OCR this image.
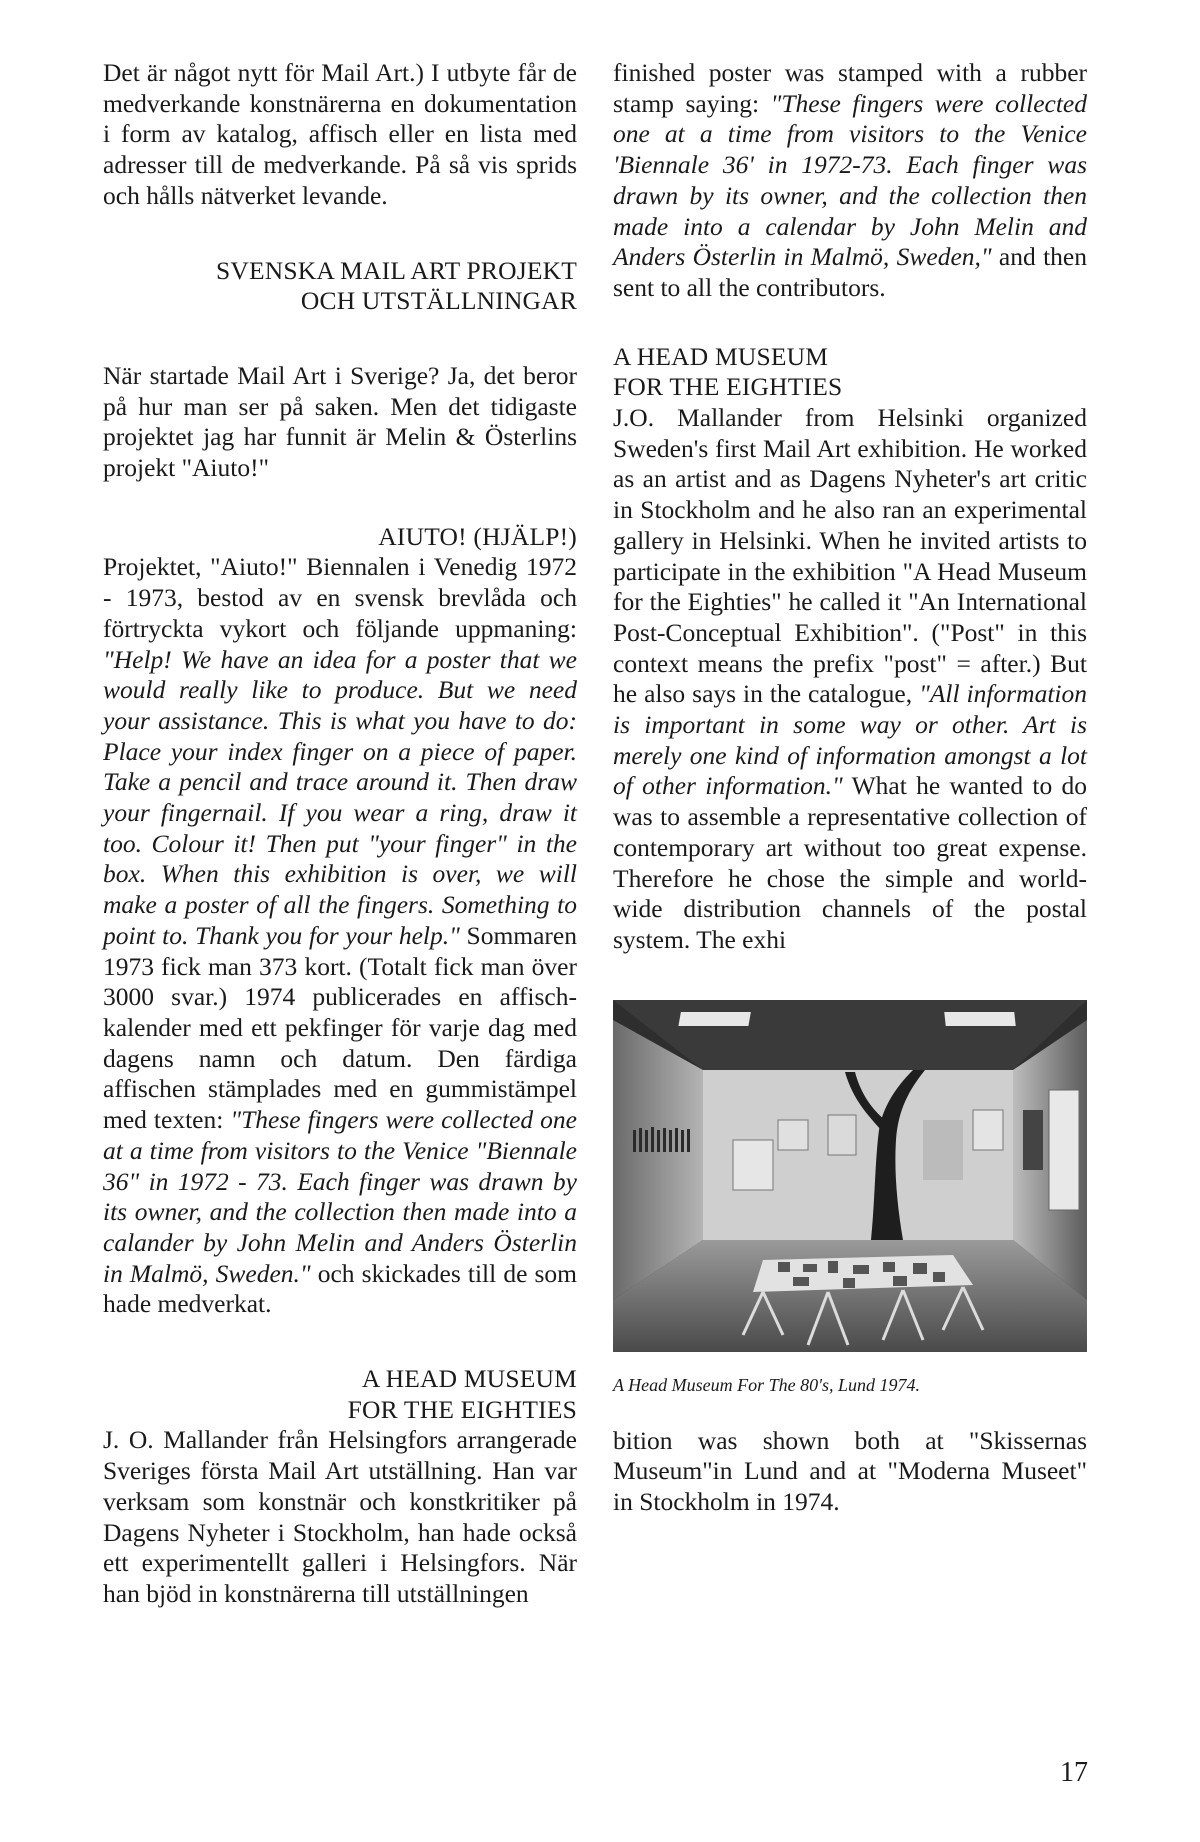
Det är något nytt för Mail Art.) I utbyte får de medverkande konstnärerna en dokumentation i form av katalog, affisch eller en lista med adresser till de medverkande. På så vis sprids och hålls nätverket levande.

SVENSKA MAIL ART PROJEKT
OCH UTSTÄLLNINGAR

När startade Mail Art i Sverige? Ja, det beror på hur man ser på saken. Men det tidigaste projektet jag har funnit är Melin & Österlins projekt "Aiuto!"

AIUTO! (HJÄLP!)

Projektet, "Aiuto!" Biennalen i Venedig 1972 - 1973, bestod av en svensk brevlåda och förtryckta vykort och följande uppmaning: "Help! We have an idea for a poster that we would really like to produce. But we need your assistance. This is what you have to do: Place your index finger on a piece of paper. Take a pencil and trace around it. Then draw your fingernail. If you wear a ring, draw it too. Colour it! Then put "your finger" in the box. When this exhibition is over, we will make a poster of all the fingers. Something to point to. Thank you for your help." Sommaren 1973 fick man 373 kort. (Totalt fick man över 3000 svar.) 1974 publicerades en affischkalender med ett pekfinger för varje dag med dagens namn och datum. Den färdiga affischen stämplades med en gummistämpel med texten: "These fingers were collected one at a time from visitors to the Venice "Biennale 36" in 1972 - 73. Each finger was drawn by its owner, and the collection then made into a calander by John Melin and Anders Österlin in Malmö, Sweden." och skickades till de som hade medverkat.

A HEAD MUSEUM
FOR THE EIGHTIES

J. O. Mallander från Helsingfors arrangerade Sveriges första Mail Art utställning. Han var verksam som konstnär och konstkritiker på Dagens Nyheter i Stockholm, han hade också ett experimentellt galleri i Helsingfors. När han bjöd in konstnärerna till utställningen

finished poster was stamped with a rubber stamp saying: "These fingers were collected one at a time from visitors to the Venice 'Biennale 36' in 1972-73. Each finger was drawn by its owner, and the collection then made into a calendar by John Melin and Anders Österlin in Malmö, Sweden," and then sent to all the contributors.

A HEAD MUSEUM
FOR THE EIGHTIES

J.O. Mallander from Helsinki organized Sweden's first Mail Art exhibition. He worked as an artist and as Dagens Nyheter's art critic in Stockholm and he also ran an experimental gallery in Helsinki. When he invited artists to participate in the exhibition "A Head Museum for the Eighties" he called it "An International Post-Conceptual Exhibition". ("Post" in this context means the prefix "post" = after.) But he also says in the catalogue, "All information is important in some way or other. Art is merely one kind of information amongst a lot of other information." What he wanted to do was to assemble a representative collection of contemporary art without too great expense. Therefore he chose the simple and world-wide distribution channels of the postal system. The exhi

A Head Museum For The 80's, Lund 1974.

bition was shown both at "Skissernas Museum"in Lund and at "Moderna Museet" in Stockholm in 1974.

17
